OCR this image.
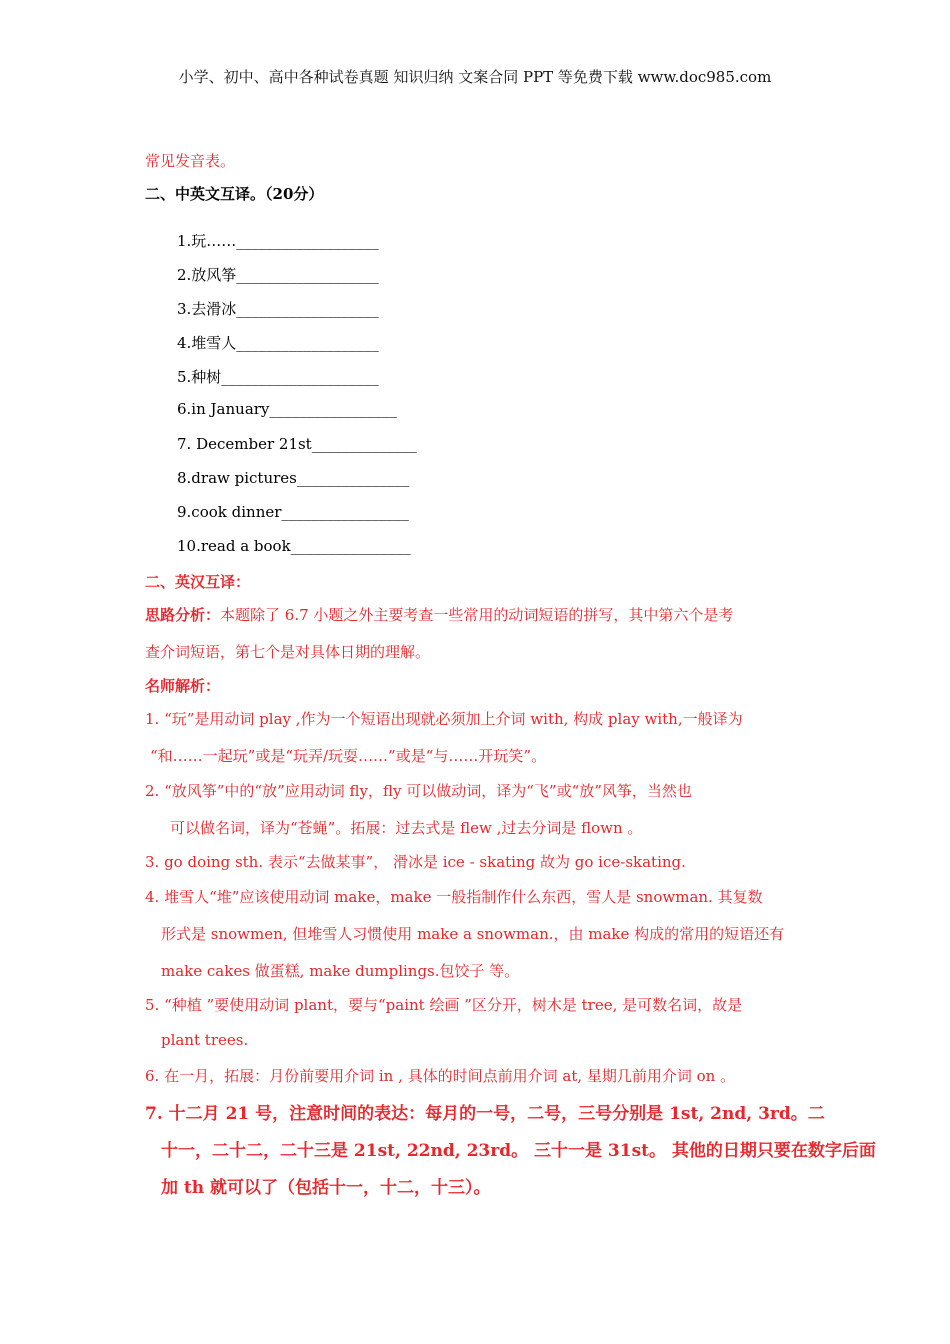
小学、初中、高中各种试卷真题 知识归纳 文案合同 PPT 等免费下载 www.doc985.com
常见发音表。
二、中英文互译。（20分）
1.玩……___________________
2.放风筝___________________
3.去滑冰___________________
4.堆雪人___________________
5.种树_____________________
6.in January_________________
7. December 21st______________
8.draw pictures_______________
9.cook dinner_________________
10.read a book________________
二、英汉互译：
思路分析：本题除了 6.7 小题之外主要考查一些常用的动词短语的拼写，其中第六个是考
查介词短语，第七个是对具体日期的理解。
名师解析：
1. “玩”是用动词 play ,作为一个短语出现就必须加上介词 with, 构成 play with,一般译为
“和……一起玩”或是“玩弄/玩耍……”或是“与……开玩笑”。
2. “放风筝”中的“放”应用动词 fly，fly 可以做动词，译为“飞”或“放”风筝，当然也
可以做名词，译为“苍蝇”。拓展：过去式是 flew ,过去分词是 flown 。
3. go doing sth. 表示“去做某事”， 滑冰是 ice - skating 故为 go ice-skating.
4. 堆雪人“堆”应该使用动词 make，make 一般指制作什么东西，雪人是 snowman. 其复数
形式是 snowmen, 但堆雪人习惯使用 make a snowman.，由 make 构成的常用的短语还有
make cakes 做蛋糕, make dumplings.包饺子 等。
5. “种植 ”要使用动词 plant，要与“paint 绘画 ”区分开，树木是 tree, 是可数名词，故是
plant trees.
6. 在一月，拓展：月份前要用介词 in , 具体的时间点前用介词 at, 星期几前用介词 on 。
7. 十二月 21 号，注意时间的表达：每月的一号，二号，三号分别是 1st, 2nd, 3rd。二
十一，二十二，二十三是 21st, 22nd, 23rd。 三十一是 31st。 其他的日期只要在数字后面
加 th 就可以了（包括十一，十二，十三）。
